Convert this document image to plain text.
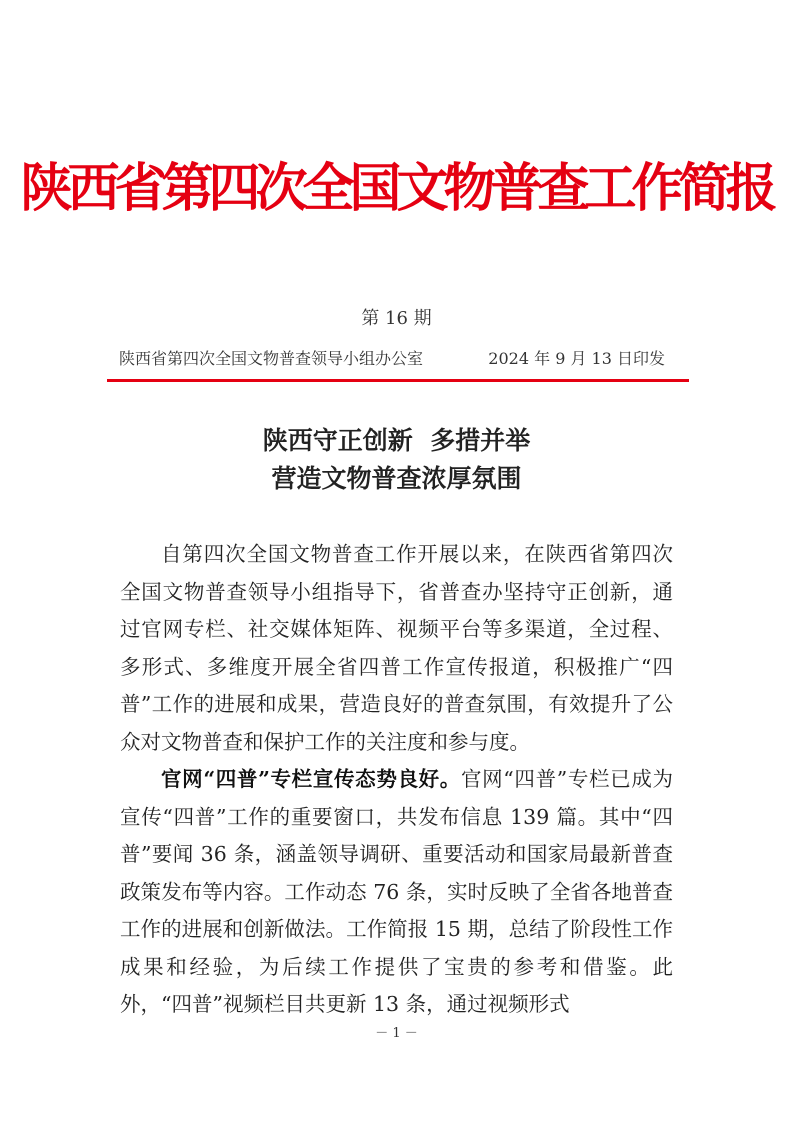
陕西省第四次全国文物普查工作简报
第 16 期
陕西省第四次全国文物普查领导小组办公室	2024 年 9 月 13 日印发
陕西守正创新  多措并举
营造文物普查浓厚氛围

自第四次全国文物普查工作开展以来，在陕西省第四次全国文物普查领导小组指导下，省普查办坚持守正创新，通过官网专栏、社交媒体矩阵、视频平台等多渠道，全过程、多形式、多维度开展全省四普工作宣传报道，积极推广“四普”工作的进展和成果，营造良好的普查氛围，有效提升了公众对文物普查和保护工作的关注度和参与度。

官网“四普”专栏宣传态势良好。官网“四普”专栏已成为宣传“四普”工作的重要窗口，共发布信息 139 篇。其中“四普”要闻 36 条，涵盖领导调研、重要活动和国家局最新普查政策发布等内容。工作动态 76 条，实时反映了全省各地普查工作的进展和创新做法。工作简报 15 期，总结了阶段性工作成果和经验，为后续工作提供了宝贵的参考和借鉴。此外，“四普”视频栏目共更新 13 条，通过视频形式

－ 1 －
